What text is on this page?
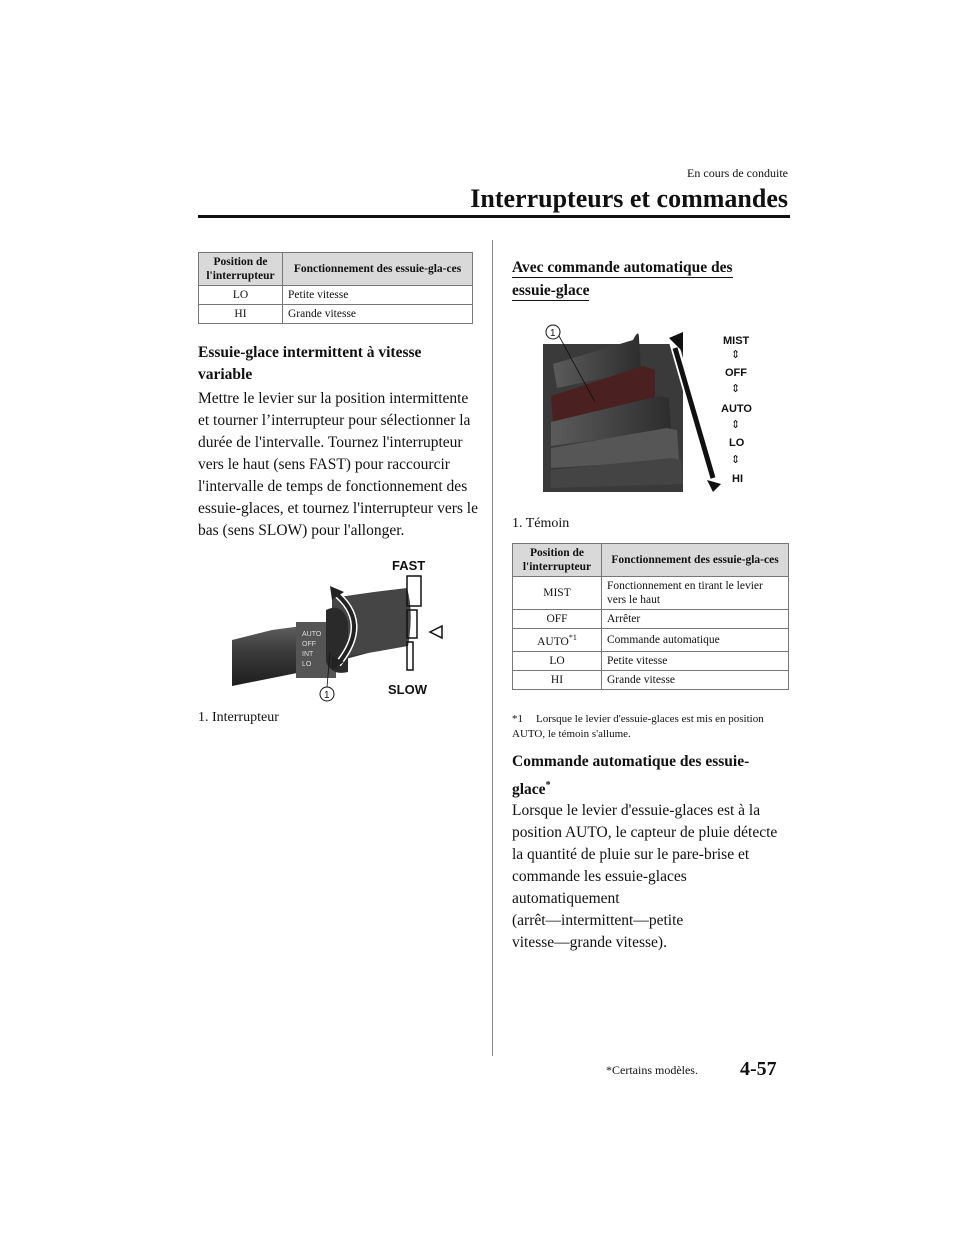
En cours de conduite
Interrupteurs et commandes
Position de l'interrupteur	Fonctionnement des essuie-gla-ces
LO	Petite vitesse
HI	Grande vitesse
Essuie-glace intermittent à vitesse variable
Mettre le levier sur la position intermittente et tourner l’interrupteur pour sélectionner la durée de l'intervalle. Tournez l'interrupteur vers le haut (sens FAST) pour raccourcir l'intervalle de temps de fonctionnement des essuie-glaces, et tournez l'interrupteur vers le bas (sens SLOW) pour l'allonger.
AUTO
OFF
INT
LO
FAST
SLOW
1
1. Interrupteur
Avec commande automatique des essuie-glace
MIST
⇕
OFF
⇕
AUTO
⇕
LO
⇕
HI
1
1. Témoin
Position de l'interrupteur	Fonctionnement des essuie-gla-ces
MIST	Fonctionnement en tirant le levier vers le haut
OFF	Arrêter
AUTO$^{*1}$	Commande automatique
LO	Petite vitesse
HI	Grande vitesse
*1 Lorsque le levier d'essuie-glaces est mis en position AUTO, le témoin s'allume.
Commande automatique des essuie-glace*
Lorsque le levier d'essuie-glaces est à la
position AUTO, le capteur de pluie détecte
la quantité de pluie sur le pare-brise et
commande les essuie-glaces
automatiquement
(arrêt―intermittent―petite
vitesse―grande vitesse).
*Certains modèles. 4-57
